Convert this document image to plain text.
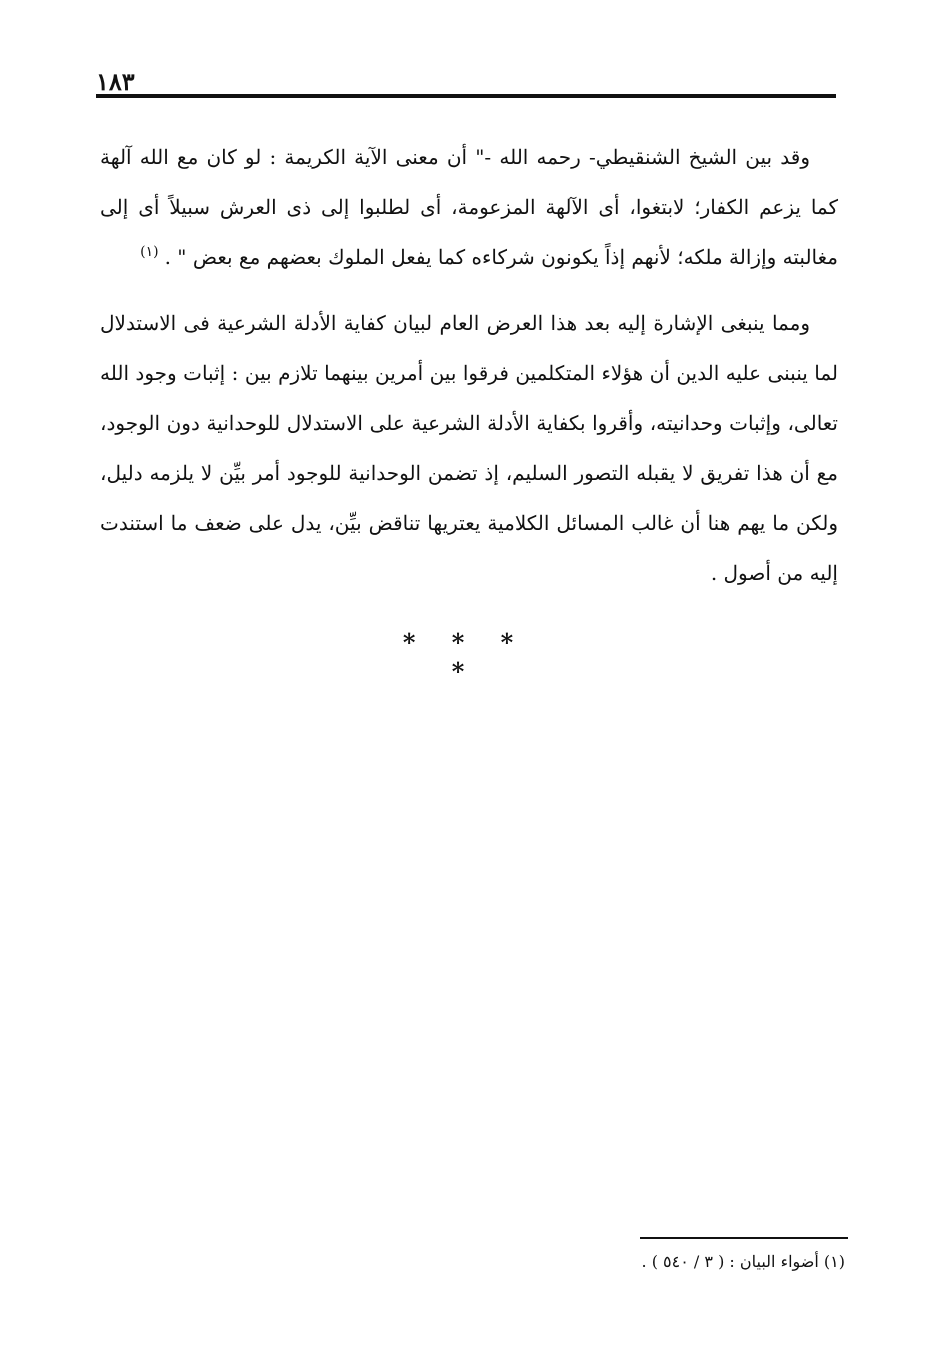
١٨٣

وقد بين الشيخ الشنقيطي- رحمه الله -" أن معنى الآية الكريمة : لو كان مع الله آلهة كما يزعم الكفار؛ لابتغوا، أى الآلهة المزعومة، أى لطلبوا إلى ذى العرش سبيلاً أى إلى مغالبته وإزالة ملكه؛ لأنهم إذاً يكونون شركاءه كما يفعل الملوك بعضهم مع بعض " .$^{(١)}$

ومما ينبغى الإشارة إليه بعد هذا العرض العام لبيان كفاية الأدلة الشرعية فى الاستدلال لما ينبنى عليه الدين أن هؤلاء المتكلمين فرقوا بين أمرين بينهما تلازم بين : إثبات وجود الله تعالى، وإثبات وحدانيته، وأقروا بكفاية الأدلة الشرعية على الاستدلال للوحدانية دون الوجود، مع أن هذا تفريق لا يقبله التصور السليم، إذ تضمن الوحدانية للوجود أمر بيِّن لا يلزمه دليل، ولكن ما يهم هنا أن غالب المسائل الكلامية يعتريها تناقض بيِّن، يدل على ضعف ما استندت إليه من أصول .

* * * *
(١) أضواء البيان : ( ٣ / ٥٤٠ ) .
